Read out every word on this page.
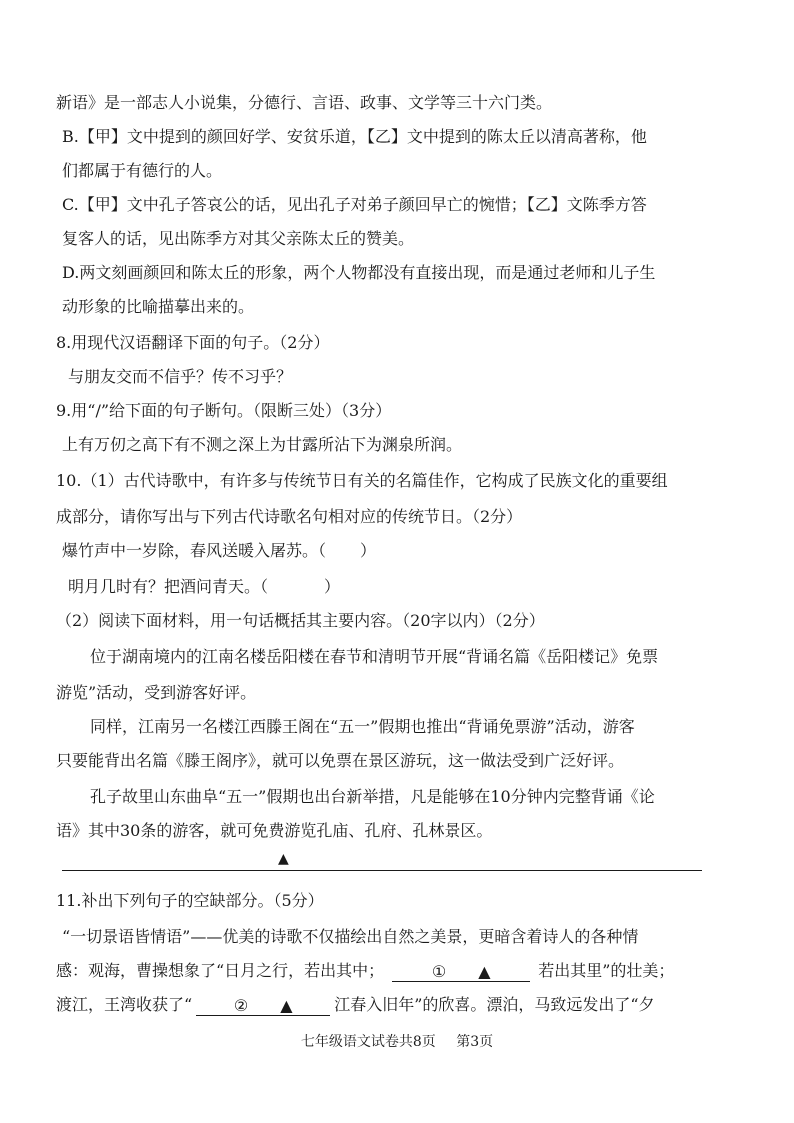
新语》是一部志人小说集，分德行、言语、政事、文学等三十六门类。
B.【甲】文中提到的颜回好学、安贫乐道，【乙】文中提到的陈太丘以清高著称，他
们都属于有德行的人。
C.【甲】文中孔子答哀公的话，见出孔子对弟子颜回早亡的惋惜；【乙】文陈季方答
复客人的话，见出陈季方对其父亲陈太丘的赞美。
D.两文刻画颜回和陈太丘的形象，两个人物都没有直接出现，而是通过老师和儿子生
动形象的比喻描摹出来的。
8.用现代汉语翻译下面的句子。（2分）
与朋友交而不信乎？传不习乎？
9.用“/”给下面的句子断句。（限断三处）（3分）
上有万仞之高下有不测之深上为甘露所沾下为渊泉所润。
10.（1）古代诗歌中，有许多与传统节日有关的名篇佳作，它构成了民族文化的重要组
成部分，请你写出与下列古代诗歌名句相对应的传统节日。（2分）
爆竹声中一岁除，春风送暖入屠苏。（ ）
明月几时有？把酒问青天。（	）
（2）阅读下面材料，用一句话概括其主要内容。（20字以内）（2分）
位于湖南境内的江南名楼岳阳楼在春节和清明节开展“背诵名篇《岳阳楼记》免票
游览”活动，受到游客好评。
同样，江南另一名楼江西滕王阁在“五一”假期也推出“背诵免票游”活动，游客
只要能背出名篇《滕王阁序》，就可以免票在景区游玩，这一做法受到广泛好评。
孔子故里山东曲阜“五一”假期也出台新举措，凡是能够在10分钟内完整背诵《论
语》其中30条的游客，就可免费游览孔庙、孔府、孔林景区。
▲
11.补出下列句子的空缺部分。（5分）
“一切景语皆情语”——优美的诗歌不仅描绘出自然之美景，更暗含着诗人的各种情
感：观海，曹操想象了“日月之行，若出其中；	①　　▲	若出其里”的壮美；
渡江，王湾收获了“	②　　▲	江春入旧年”的欣喜。漂泊，马致远发出了“夕
七年级语文试卷共8页 第3页
